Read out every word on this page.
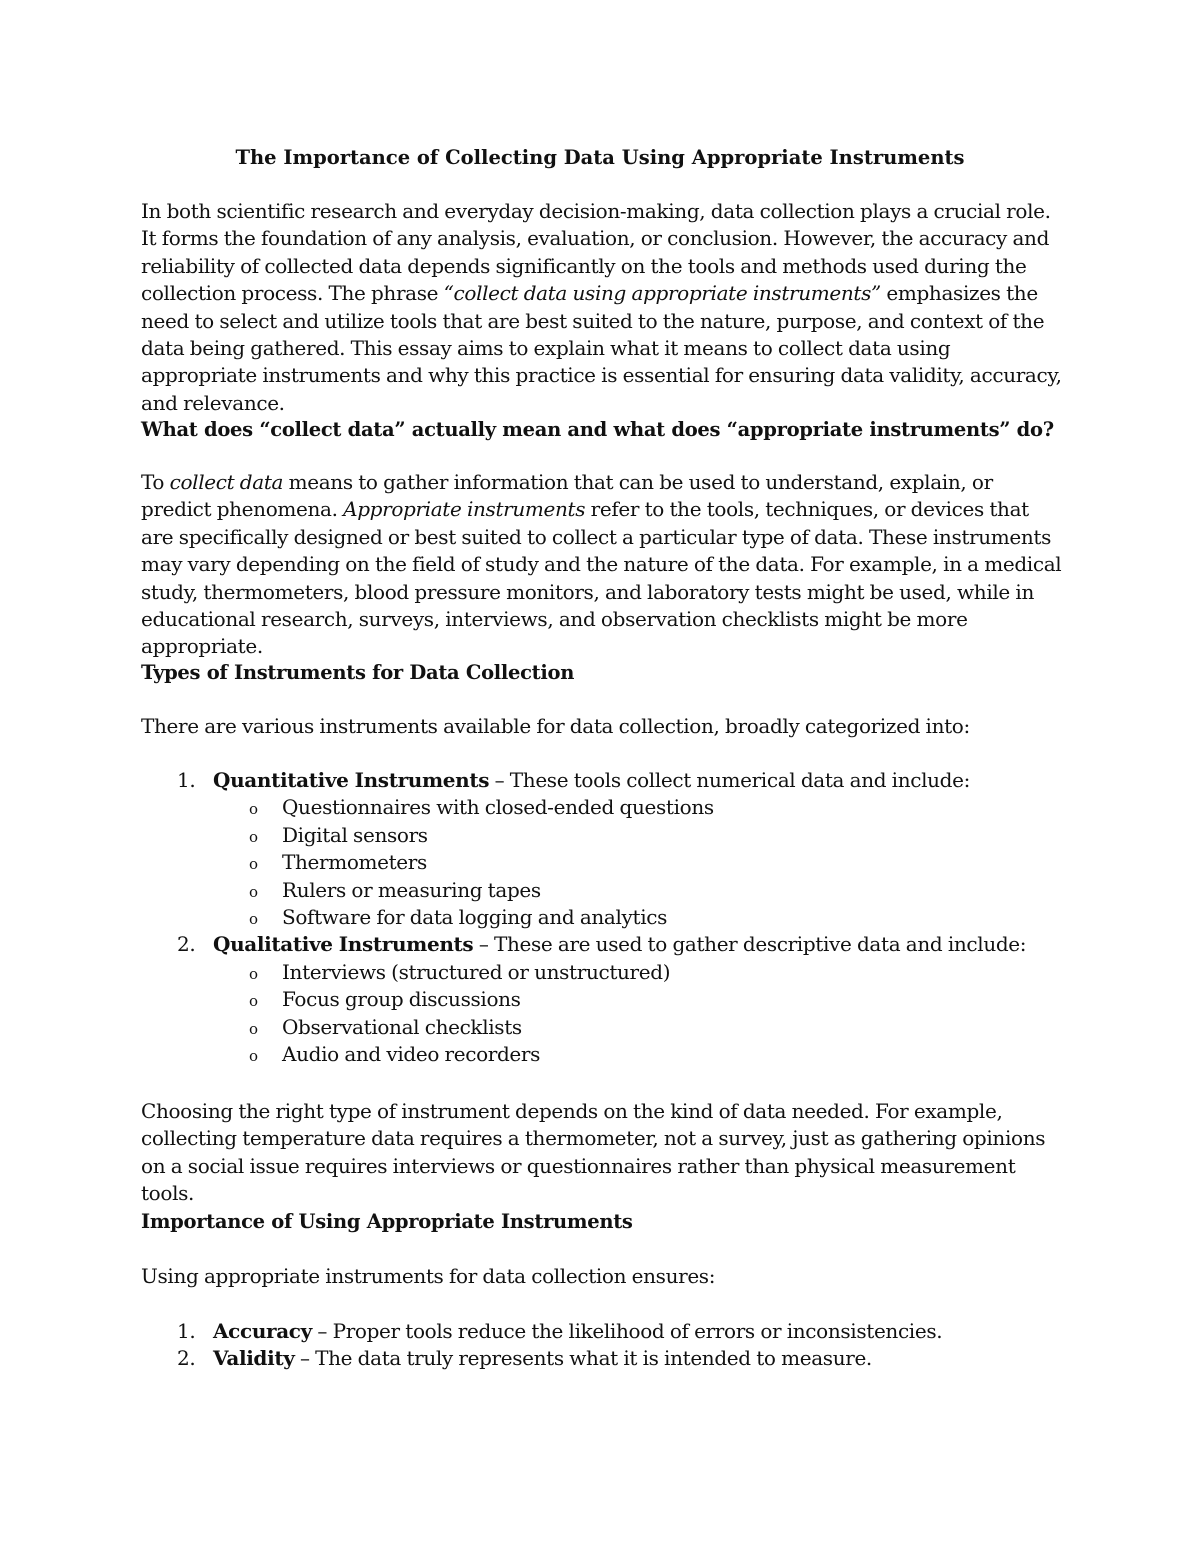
The Importance of Collecting Data Using Appropriate Instruments

In both scientific research and everyday decision-making, data collection plays a crucial role. It forms the foundation of any analysis, evaluation, or conclusion. However, the accuracy and reliability of collected data depends significantly on the tools and methods used during the collection process. The phrase “collect data using appropriate instruments” emphasizes the need to select and utilize tools that are best suited to the nature, purpose, and context of the data being gathered. This essay aims to explain what it means to collect data using appropriate instruments and why this practice is essential for ensuring data validity, accuracy, and relevance.

What does “collect data” actually mean and what does “appropriate instruments” do?

To collect data means to gather information that can be used to understand, explain, or predict phenomena. Appropriate instruments refer to the tools, techniques, or devices that are specifically designed or best suited to collect a particular type of data. These instruments may vary depending on the field of study and the nature of the data. For example, in a medical study, thermometers, blood pressure monitors, and laboratory tests might be used, while in educational research, surveys, interviews, and observation checklists might be more appropriate.

Types of Instruments for Data Collection

There are various instruments available for data collection, broadly categorized into:

1. Quantitative Instruments – These tools collect numerical data and include:
o Questionnaires with closed-ended questions
o Digital sensors
o Thermometers
o Rulers or measuring tapes
o Software for data logging and analytics
2. Qualitative Instruments – These are used to gather descriptive data and include:
o Interviews (structured or unstructured)
o Focus group discussions
o Observational checklists
o Audio and video recorders

Choosing the right type of instrument depends on the kind of data needed. For example, collecting temperature data requires a thermometer, not a survey, just as gathering opinions on a social issue requires interviews or questionnaires rather than physical measurement tools.

Importance of Using Appropriate Instruments

Using appropriate instruments for data collection ensures:

1. Accuracy – Proper tools reduce the likelihood of errors or inconsistencies.
2. Validity – The data truly represents what it is intended to measure.
